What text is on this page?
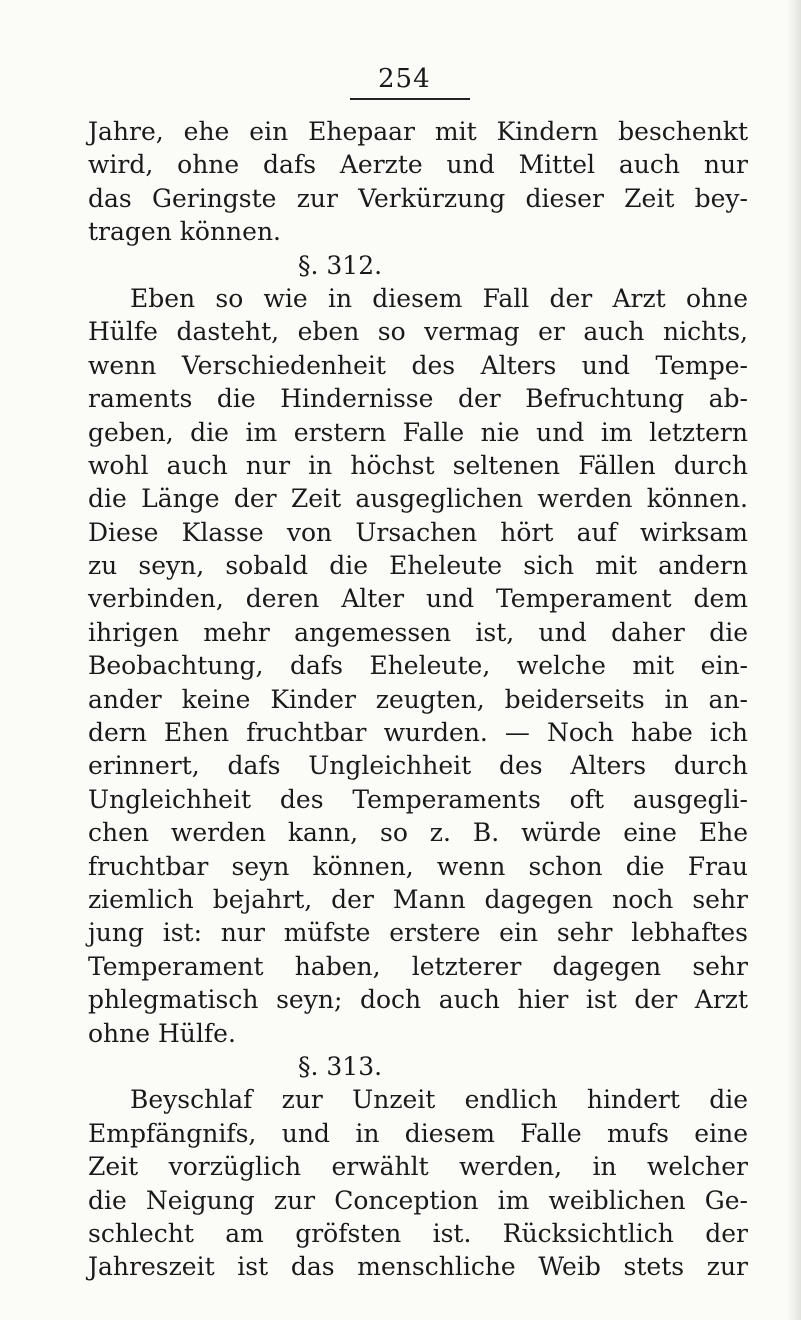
254
Jahre, ehe ein Ehepaar mit Kindern beschenkt
wird, ohne dafs Aerzte und Mittel auch nur
das Geringste zur Verkürzung dieser Zeit bey-
tragen können.
§. 312.
Eben so wie in diesem Fall der Arzt ohne
Hülfe dasteht, eben so vermag er auch nichts,
wenn Verschiedenheit des Alters und Tempe-
raments die Hindernisse der Befruchtung ab-
geben, die im erstern Falle nie und im letztern
wohl auch nur in höchst seltenen Fällen durch
die Länge der Zeit ausgeglichen werden können.
Diese Klasse von Ursachen hört auf wirksam
zu seyn, sobald die Eheleute sich mit andern
verbinden, deren Alter und Temperament dem
ihrigen mehr angemessen ist, und daher die
Beobachtung, dafs Eheleute, welche mit ein-
ander keine Kinder zeugten, beiderseits in an-
dern Ehen fruchtbar wurden. — Noch habe ich
erinnert, dafs Ungleichheit des Alters durch
Ungleichheit des Temperaments oft ausgegli-
chen werden kann, so z. B. würde eine Ehe
fruchtbar seyn können, wenn schon die Frau
ziemlich bejahrt, der Mann dagegen noch sehr
jung ist: nur müfste erstere ein sehr lebhaftes
Temperament haben, letzterer dagegen sehr
phlegmatisch seyn; doch auch hier ist der Arzt
ohne Hülfe.
§. 313.
Beyschlaf zur Unzeit endlich hindert die
Empfängnifs, und in diesem Falle mufs eine
Zeit vorzüglich erwählt werden, in welcher
die Neigung zur Conception im weiblichen Ge-
schlecht am gröfsten ist. Rücksichtlich der
Jahreszeit ist das menschliche Weib stets zur
